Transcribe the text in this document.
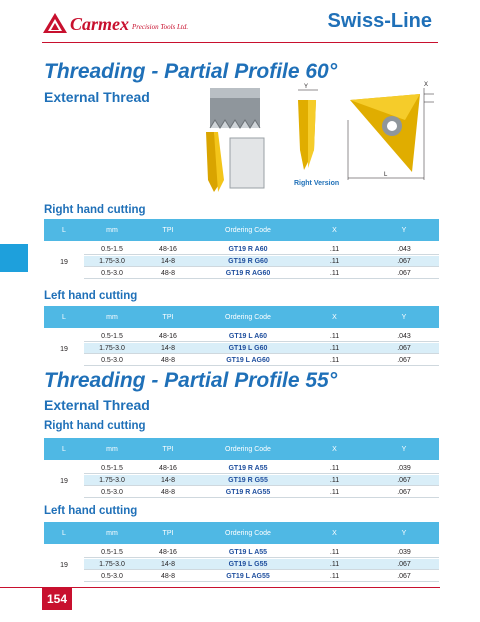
Carmex Precision Tools Ltd.	Swiss-Line
Threading - Partial Profile 60°
External Thread
Y	X
L
Right Version
Right hand cutting
L	mm	TPI	Ordering Code	X	Y
19
0.5-1.5	48-16	GT19 R A60	.11	.043
1.75-3.0	14-8	GT19 R G60	.11	.067
0.5-3.0	48-8	GT19 R AG60	.11	.067
Left hand cutting
L	mm	TPI	Ordering Code	X	Y
19
0.5-1.5	48-16	GT19 L A60	.11	.043
1.75-3.0	14-8	GT19 L G60	.11	.067
0.5-3.0	48-8	GT19 L AG60	.11	.067
Threading - Partial Profile 55°
External Thread
Right hand cutting
L	mm	TPI	Ordering Code	X	Y
19
0.5-1.5	48-16	GT19 R A55	.11	.039
1.75-3.0	14-8	GT19 R G55	.11	.067
0.5-3.0	48-8	GT19 R AG55	.11	.067
Left hand cutting
L	mm	TPI	Ordering Code	X	Y
19
0.5-1.5	48-16	GT19 L A55	.11	.039
1.75-3.0	14-8	GT19 L G55	.11	.067
0.5-3.0	48-8	GT19 L AG55	.11	.067
154
